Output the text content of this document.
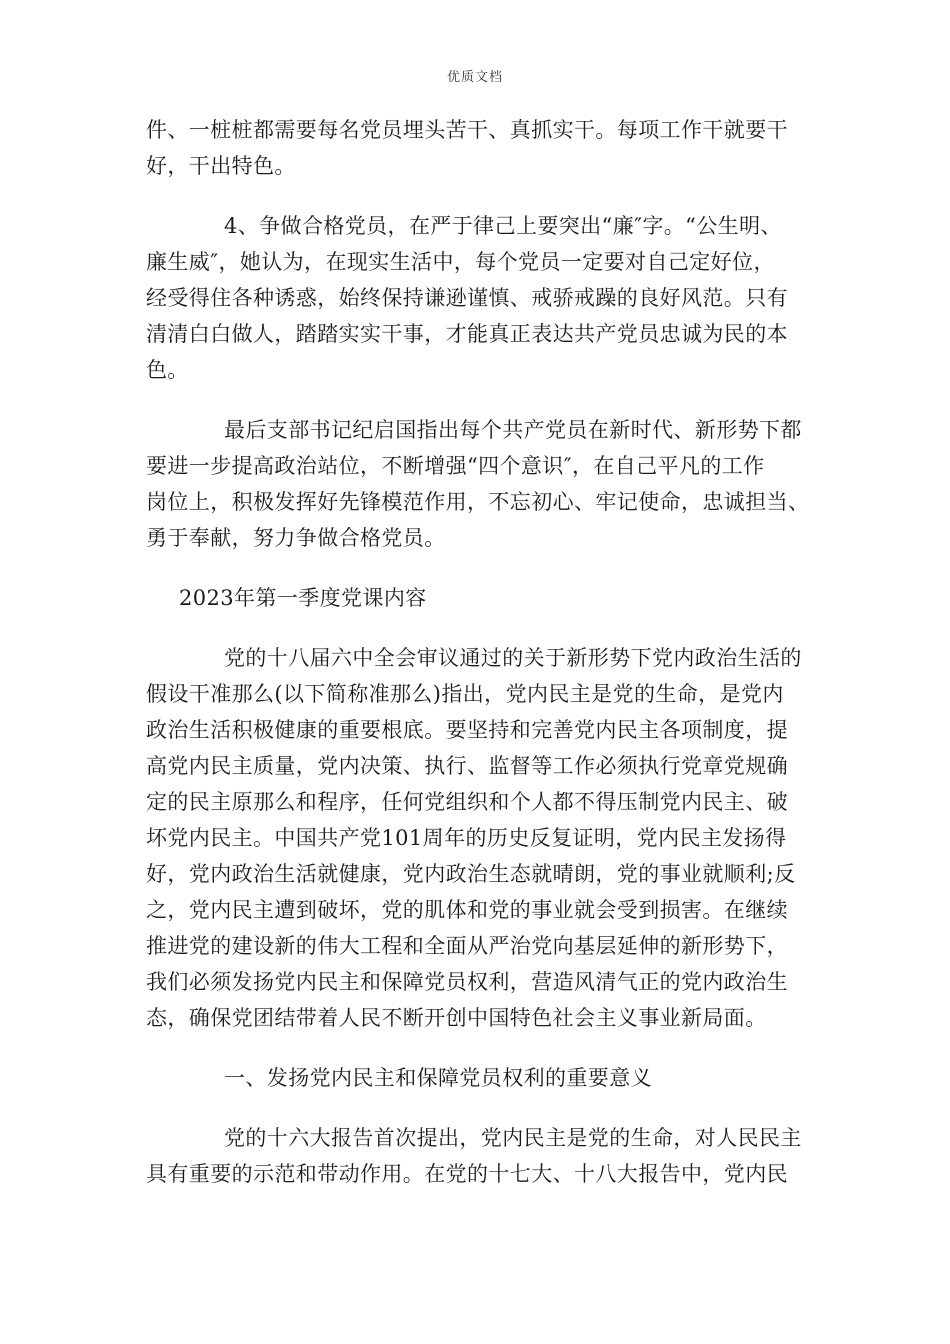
优质文档
件、一桩桩都需要每名党员埋头苦干、真抓实干。每项工作干就要干
好，干出特色。
4、争做合格党员，在严于律己上要突出“廉″字。“公生明、
廉生威″，她认为，在现实生活中，每个党员一定要对自己定好位，
经受得住各种诱惑，始终保持谦逊谨慎、戒骄戒躁的良好风范。只有
清清白白做人，踏踏实实干事，才能真正表达共产党员忠诚为民的本
色。
最后支部书记纪启国指出每个共产党员在新时代、新形势下都
要进一步提高政治站位，不断增强“四个意识″，在自己平凡的工作
岗位上，积极发挥好先锋模范作用，不忘初心、牢记使命，忠诚担当、
勇于奉献，努力争做合格党员。
2023年第一季度党课内容
党的十八届六中全会审议通过的关于新形势下党内政治生活的
假设干准那么(以下简称准那么)指出，党内民主是党的生命，是党内
政治生活积极健康的重要根底。要坚持和完善党内民主各项制度，提
高党内民主质量，党内决策、执行、监督等工作必须执行党章党规确
定的民主原那么和程序，任何党组织和个人都不得压制党内民主、破
坏党内民主。中国共产党101周年的历史反复证明，党内民主发扬得
好，党内政治生活就健康，党内政治生态就晴朗，党的事业就顺利;反
之，党内民主遭到破坏，党的肌体和党的事业就会受到损害。在继续
推进党的建设新的伟大工程和全面从严治党向基层延伸的新形势下，
我们必须发扬党内民主和保障党员权利，营造风清气正的党内政治生
态，确保党团结带着人民不断开创中国特色社会主义事业新局面。
一、发扬党内民主和保障党员权利的重要意义
党的十六大报告首次提出，党内民主是党的生命，对人民民主
具有重要的示范和带动作用。在党的十七大、十八大报告中，党内民
